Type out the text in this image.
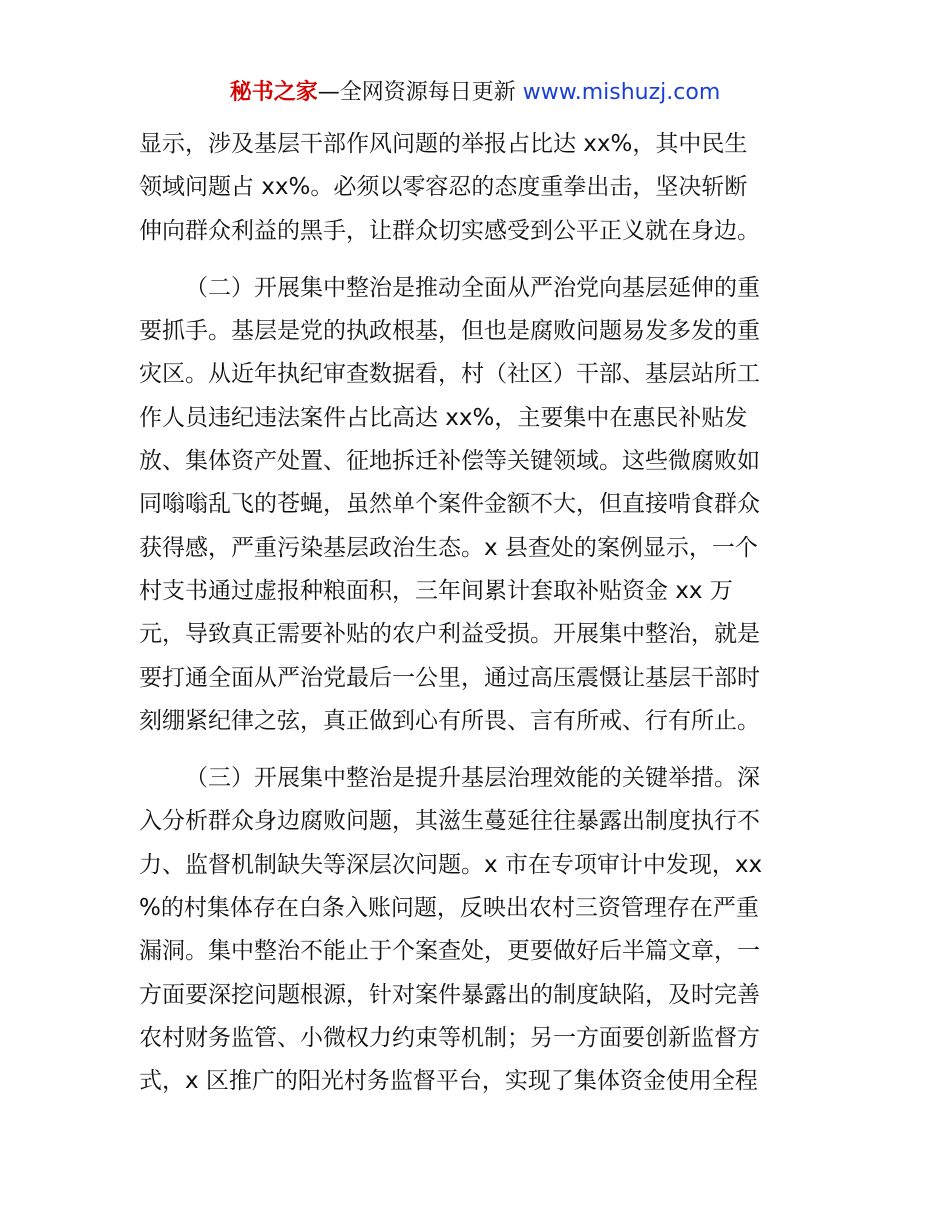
秘书之家—全网资源每日更新 www.mishuzj.com
显示，涉及基层干部作风问题的举报占比达 xx%，其中民生
领域问题占 xx%。必须以零容忍的态度重拳出击，坚决斩断
伸向群众利益的黑手，让群众切实感受到公平正义就在身边。
（二）开展集中整治是推动全面从严治党向基层延伸的重
要抓手。基层是党的执政根基，但也是腐败问题易发多发的重
灾区。从近年执纪审查数据看，村（社区）干部、基层站所工
作人员违纪违法案件占比高达 xx%，主要集中在惠民补贴发
放、集体资产处置、征地拆迁补偿等关键领域。这些微腐败如
同嗡嗡乱飞的苍蝇，虽然单个案件金额不大，但直接啃食群众
获得感，严重污染基层政治生态。x 县查处的案例显示，一个
村支书通过虚报种粮面积，三年间累计套取补贴资金 xx 万
元，导致真正需要补贴的农户利益受损。开展集中整治，就是
要打通全面从严治党最后一公里，通过高压震慑让基层干部时
刻绷紧纪律之弦，真正做到心有所畏、言有所戒、行有所止。
（三）开展集中整治是提升基层治理效能的关键举措。深
入分析群众身边腐败问题，其滋生蔓延往往暴露出制度执行不
力、监督机制缺失等深层次问题。x 市在专项审计中发现，xx
%的村集体存在白条入账问题，反映出农村三资管理存在严重
漏洞。集中整治不能止于个案查处，更要做好后半篇文章，一
方面要深挖问题根源，针对案件暴露出的制度缺陷，及时完善
农村财务监管、小微权力约束等机制；另一方面要创新监督方
式，x 区推广的阳光村务监督平台，实现了集体资金使用全程
